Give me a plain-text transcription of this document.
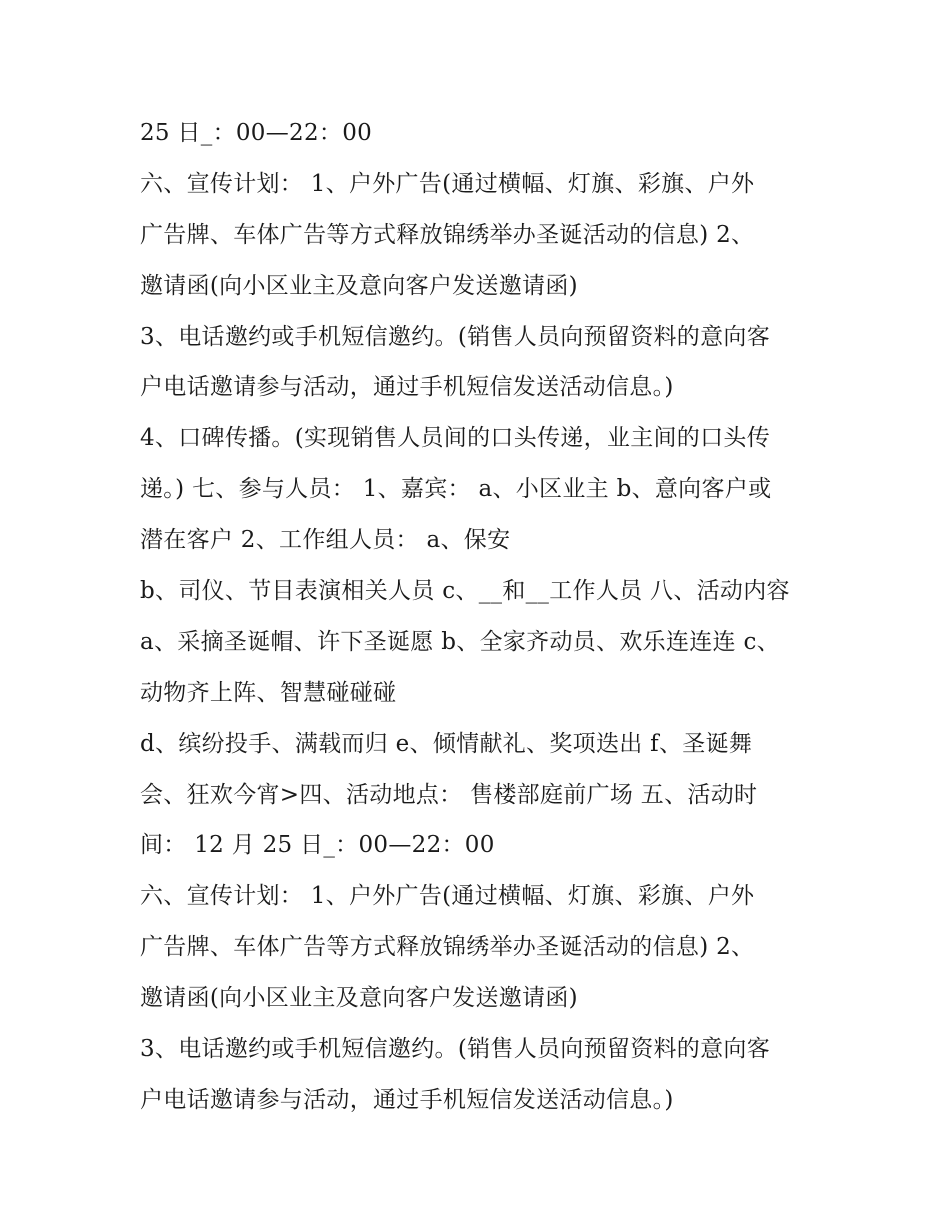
25 日_：00—22：00
六、宣传计划： 1、户外广告(通过横幅、灯旗、彩旗、户外
广告牌、车体广告等方式释放锦绣举办圣诞活动的信息) 2、
邀请函(向小区业主及意向客户发送邀请函)
3、电话邀约或手机短信邀约。(销售人员向预留资料的意向客
户电话邀请参与活动，通过手机短信发送活动信息。)
4、口碑传播。(实现销售人员间的口头传递，业主间的口头传
递。) 七、参与人员： 1、嘉宾： a、小区业主 b、意向客户或
潜在客户 2、工作组人员： a、保安
b、司仪、节目表演相关人员 c、__和__工作人员 八、活动内容
a、采摘圣诞帽、许下圣诞愿 b、全家齐动员、欢乐连连连 c、
动物齐上阵、智慧碰碰碰
d、缤纷投手、满载而归 e、倾情献礼、奖项迭出 f、圣诞舞
会、狂欢今宵>四、活动地点： 售楼部庭前广场 五、活动时
间： 12 月 25 日_：00—22：00
六、宣传计划： 1、户外广告(通过横幅、灯旗、彩旗、户外
广告牌、车体广告等方式释放锦绣举办圣诞活动的信息) 2、
邀请函(向小区业主及意向客户发送邀请函)
3、电话邀约或手机短信邀约。(销售人员向预留资料的意向客
户电话邀请参与活动，通过手机短信发送活动信息。)
